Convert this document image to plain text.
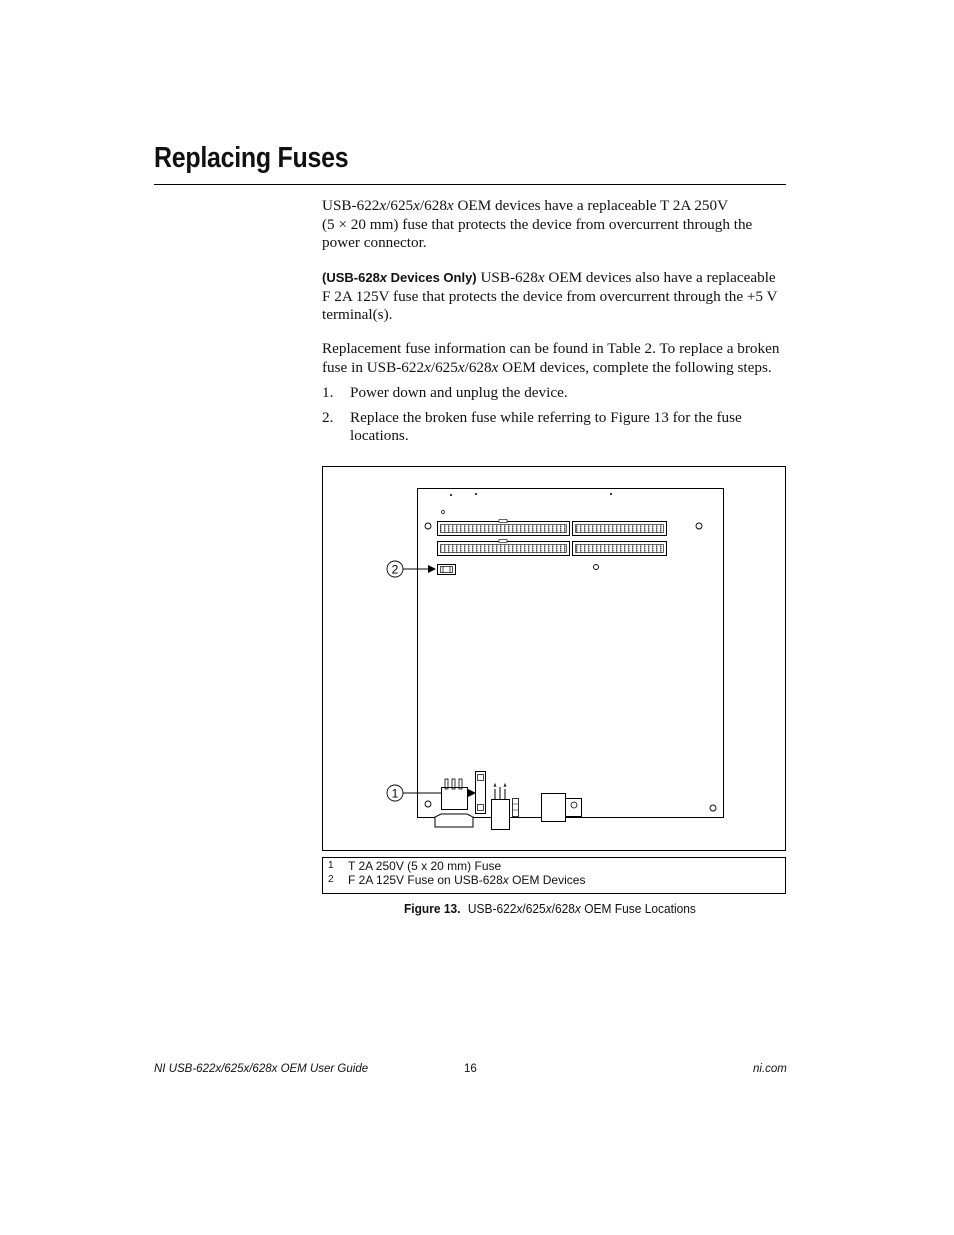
Replacing Fuses

USB-622x/625x/628x OEM devices have a replaceable T 2A 250V
(5 × 20 mm) fuse that protects the device from overcurrent through the
power connector.

(USB-628x Devices Only) USB-628x OEM devices also have a replaceable
F 2A 125V fuse that protects the device from overcurrent through the +5 V
terminal(s).

Replacement fuse information can be found in Table 2. To replace a broken
fuse in USB-622x/625x/628x OEM devices, complete the following steps.

1. Power down and unplug the device.
2. Replace the broken fuse while referring to Figure 13 for the fuse
locations.
2
1
1 T 2A 250V (5 x 20 mm) Fuse
2 F 2A 125V Fuse on USB-628x OEM Devices
Figure 13. USB-622x/625x/628x OEM Fuse Locations
NI USB-622x/625x/628x OEM User Guide	16	ni.com
